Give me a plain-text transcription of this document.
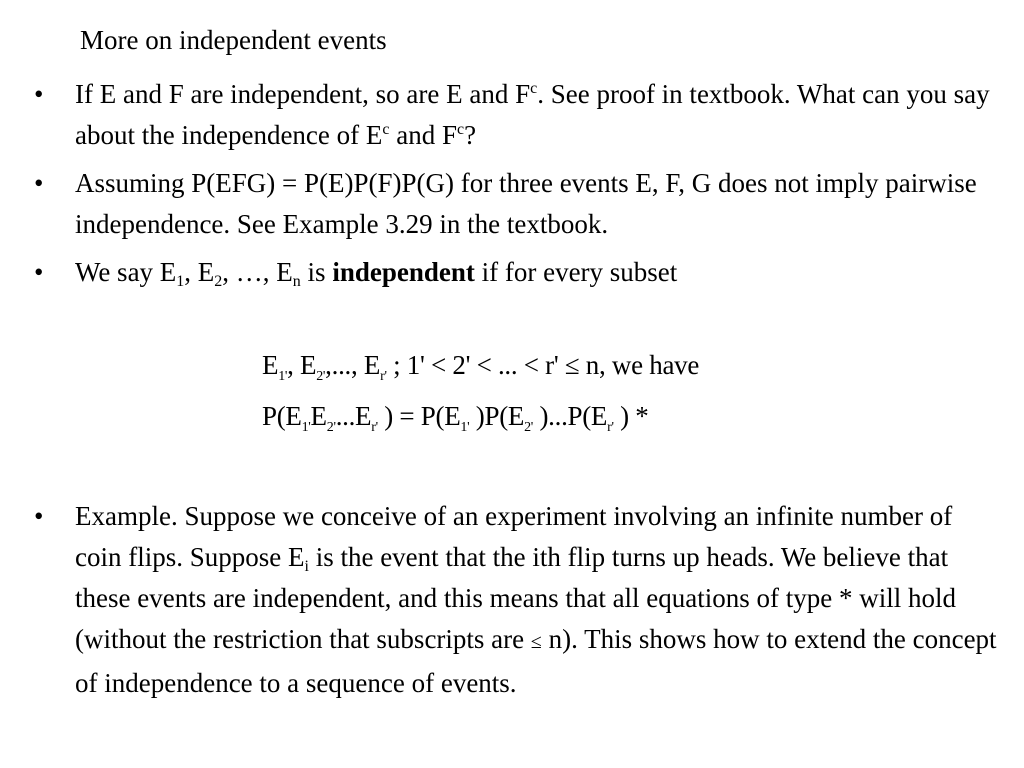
More on independent events
• If E and F are independent, so are E and $F^c$. See proof in textbook. What can you say about the independence of $E^c$ and $F^c$?
• Assuming P(EFG) = P(E)P(F)P(G) for three events E, F, G does not imply pairwise independence. See Example 3.29 in the textbook.
• We say $E_1$, $E_2$, …, $E_n$ is independent if for every subset
$E_{1'}$, $E_{2'}$,..., $E_{r'}$ ; 1' < 2' < ... < r' ≤ n, we have
$P(E_{1'}E_{2'}...E_{r'}$ ) = $P(E_{1'}$ )$P(E_{2'}$ )$...P(E_{r'}$ ) *
• Example. Suppose we conceive of an experiment involving an infinite number of coin flips. Suppose $E_i$ is the event that the ith flip turns up heads. We believe that these events are independent, and this means that all equations of type * will hold (without the restriction that subscripts are ≤ n). This shows how to extend the concept of independence to a sequence of events.
